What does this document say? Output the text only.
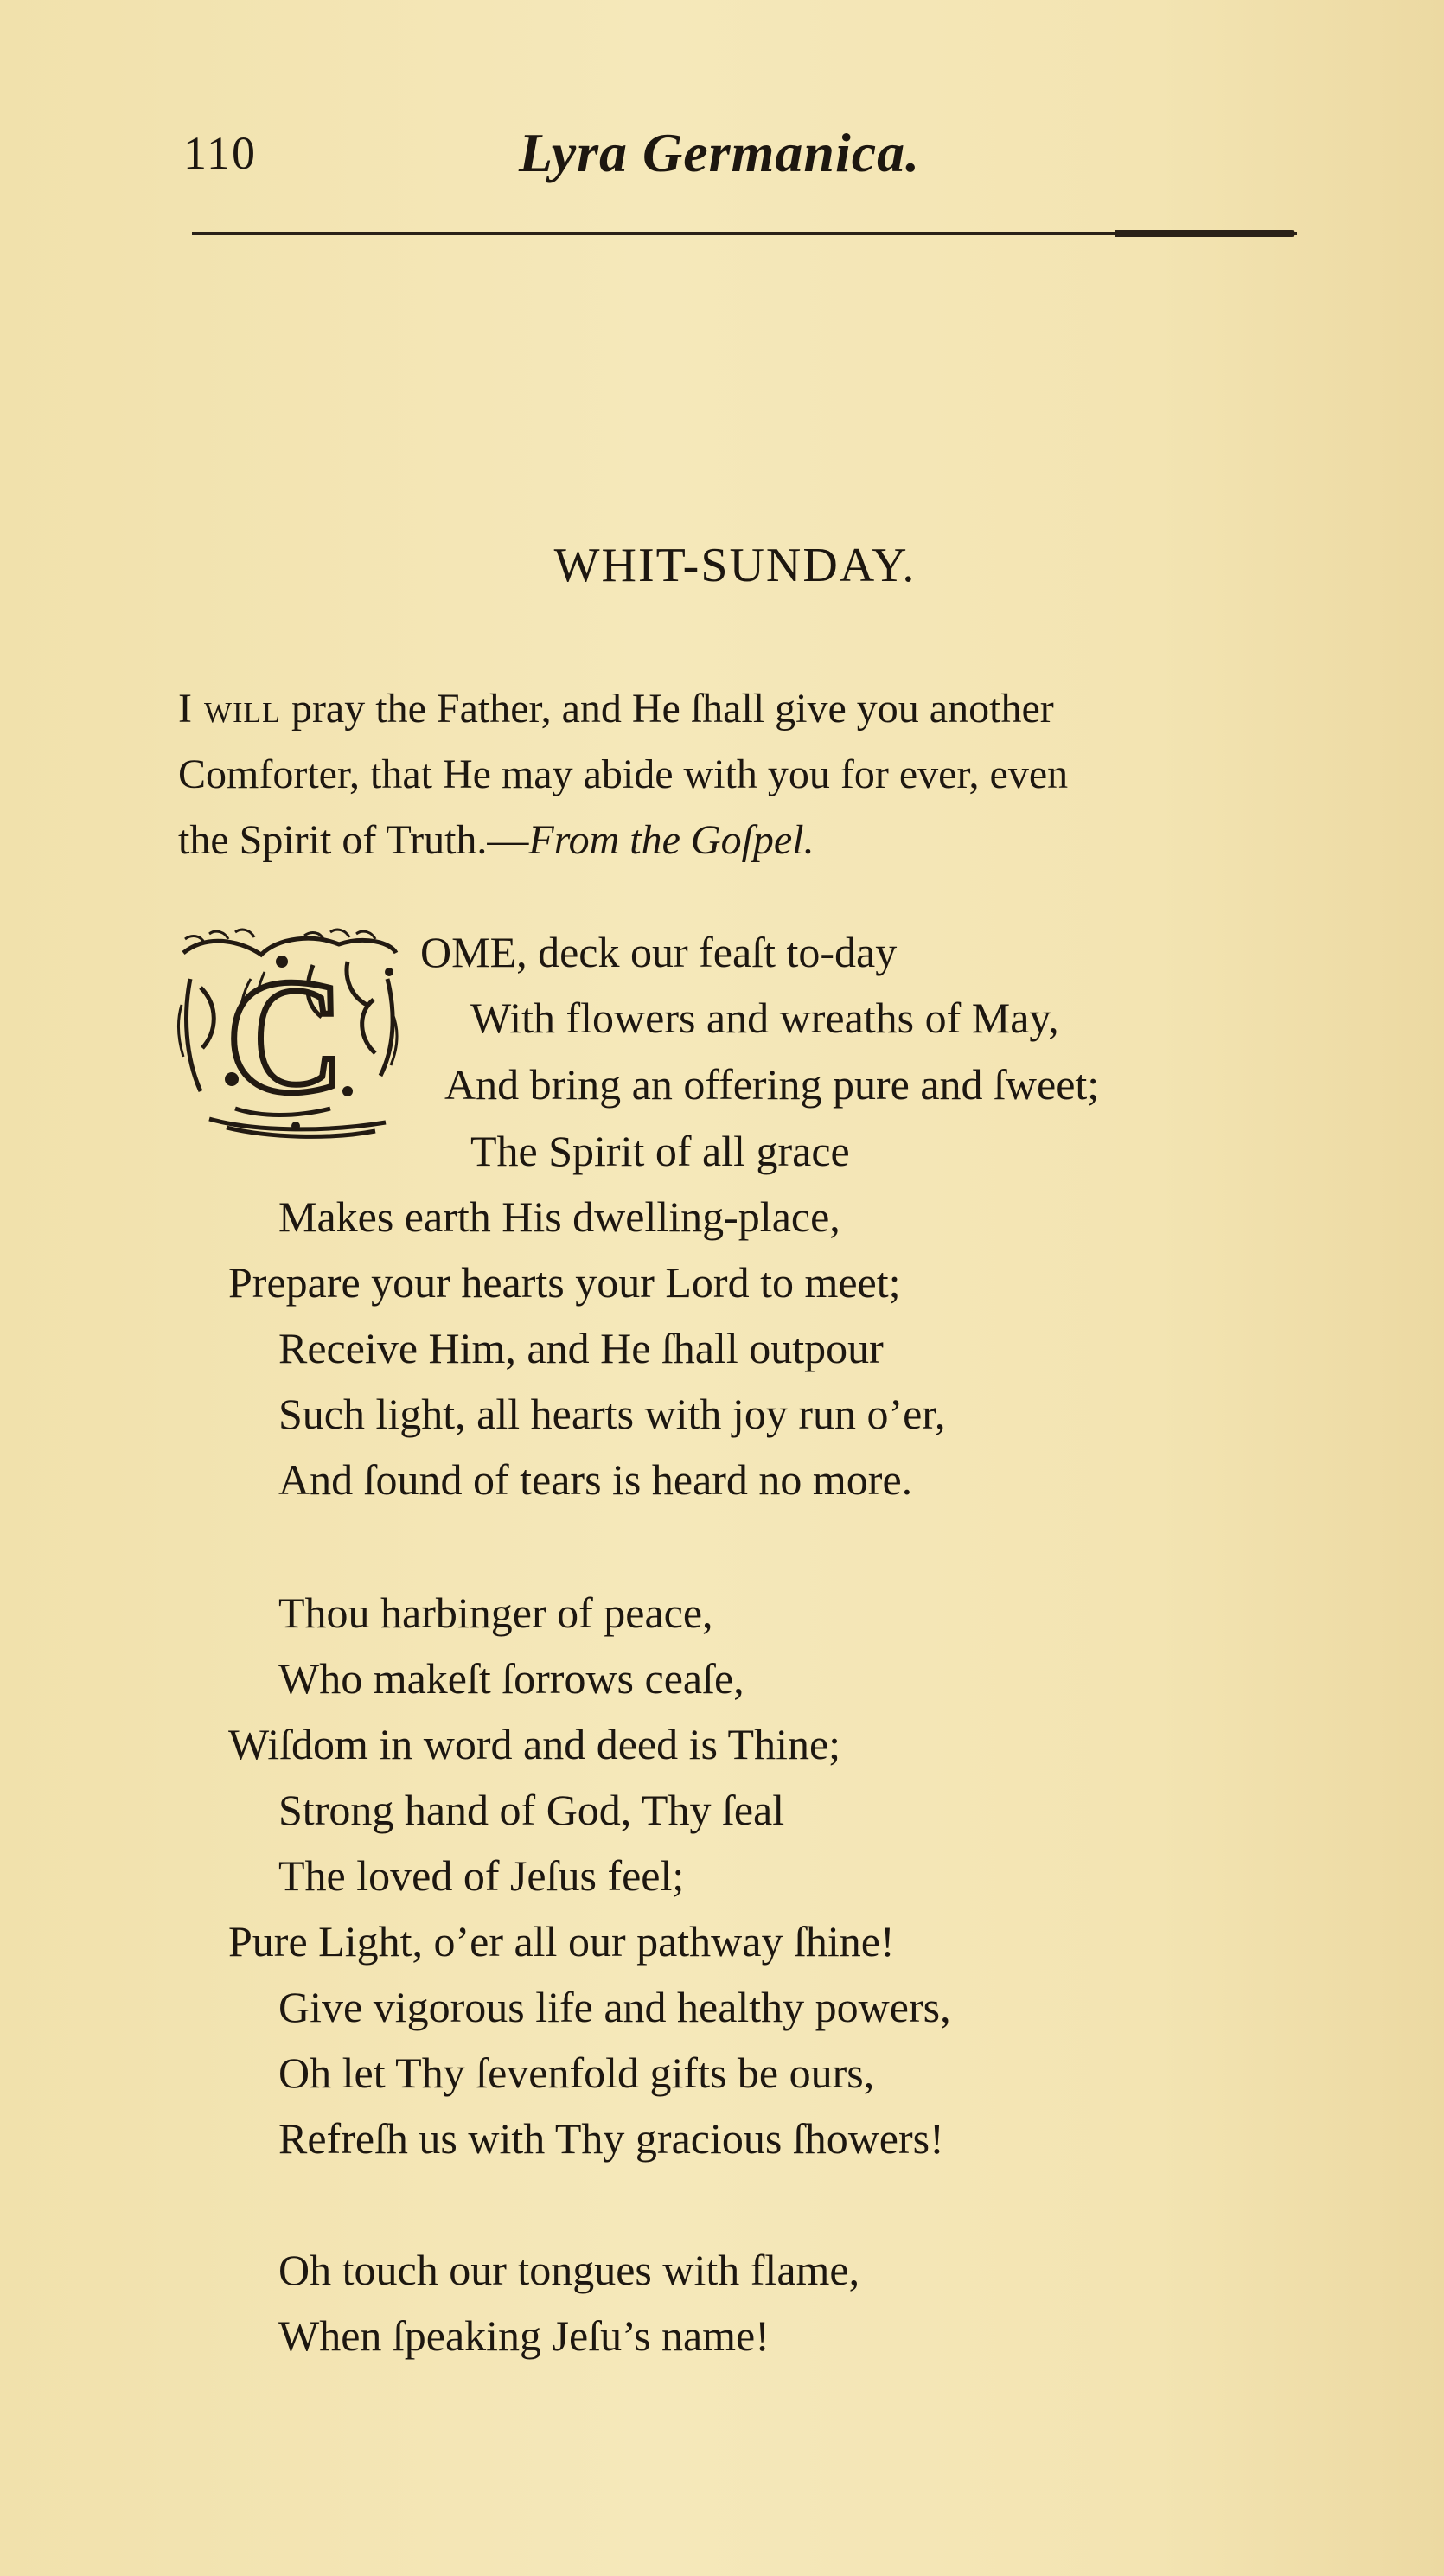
110	Lyra Germanica.
WHIT-SUNDAY.

I will pray the Father, and He ſhall give you another

Comforter, that He may abide with you for ever, even

the Spirit of Truth.—From the Goſpel.

C OME, deck our feaſt to-day
With flowers and wreaths of May,
And bring an offering pure and ſweet;
The Spirit of all grace
Makes earth His dwelling-place,
Prepare your hearts your Lord to meet;
Receive Him, and He ſhall outpour
Such light, all hearts with joy run o’er,
And ſound of tears is heard no more.
Thou harbinger of peace,
Who makeſt ſorrows ceaſe,
Wiſdom in word and deed is Thine;
Strong hand of God, Thy ſeal
The loved of Jeſus feel;
Pure Light, o’er all our pathway ſhine!
Give vigorous life and healthy powers,
Oh let Thy ſevenfold gifts be ours,
Refreſh us with Thy gracious ſhowers!
Oh touch our tongues with flame,
When ſpeaking Jeſu’s name!
